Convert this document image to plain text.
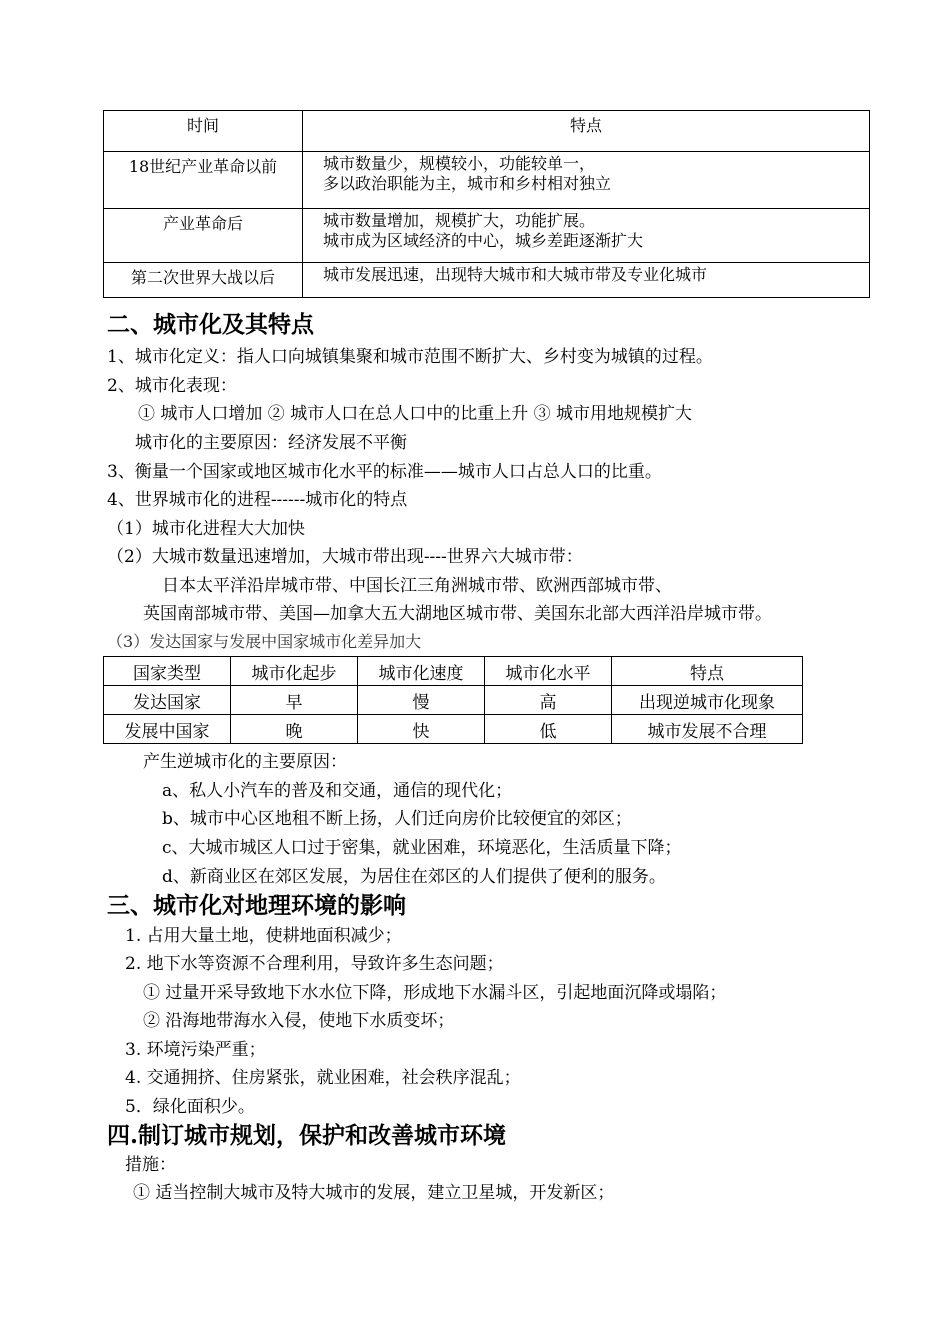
时间	特点
18世纪产业革命以前	城市数量少，规模较小，功能较单一，
多以政治职能为主，城市和乡村相对独立

产业革命后	城市数量增加，规模扩大，功能扩展。
城市成为区域经济的中心，城乡差距逐渐扩大

第二次世界大战以后	城市发展迅速，出现特大城市和大城市带及专业化城市
二、城市化及其特点
1、城市化定义：指人口向城镇集聚和城市范围不断扩大、乡村变为城镇的过程。
2、城市化表现：
① 城市人口增加 ② 城市人口在总人口中的比重上升 ③ 城市用地规模扩大
城市化的主要原因：经济发展不平衡
3、衡量一个国家或地区城市化水平的标准——城市人口占总人口的比重。
4、世界城市化的进程------城市化的特点
（1）城市化进程大大加快
（2）大城市数量迅速增加，大城市带出现----世界六大城市带：
日本太平洋沿岸城市带、中国长江三角洲城市带、欧洲西部城市带、
英国南部城市带、美国—加拿大五大湖地区城市带、美国东北部大西洋沿岸城市带。
（3）发达国家与发展中国家城市化差异加大
国家类型	城市化起步	城市化速度	城市化水平	特点
发达国家	早	慢	高	出现逆城市化现象
发展中国家	晚	快	低	城市发展不合理
产生逆城市化的主要原因：
a、私人小汽车的普及和交通，通信的现代化；
b、城市中心区地租不断上扬，人们迁向房价比较便宜的郊区；
c、大城市城区人口过于密集，就业困难，环境恶化，生活质量下降；
d、新商业区在郊区发展，为居住在郊区的人们提供了便利的服务。
三、城市化对地理环境的影响
1. 占用大量土地，使耕地面积减少；
2. 地下水等资源不合理利用，导致许多生态问题；
① 过量开采导致地下水水位下降，形成地下水漏斗区，引起地面沉降或塌陷；
② 沿海地带海水入侵，使地下水质变坏；
3. 环境污染严重；
4. 交通拥挤、住房紧张，就业困难，社会秩序混乱；
5．绿化面积少。
四.制订城市规划，保护和改善城市环境
措施：
① 适当控制大城市及特大城市的发展，建立卫星城，开发新区；
